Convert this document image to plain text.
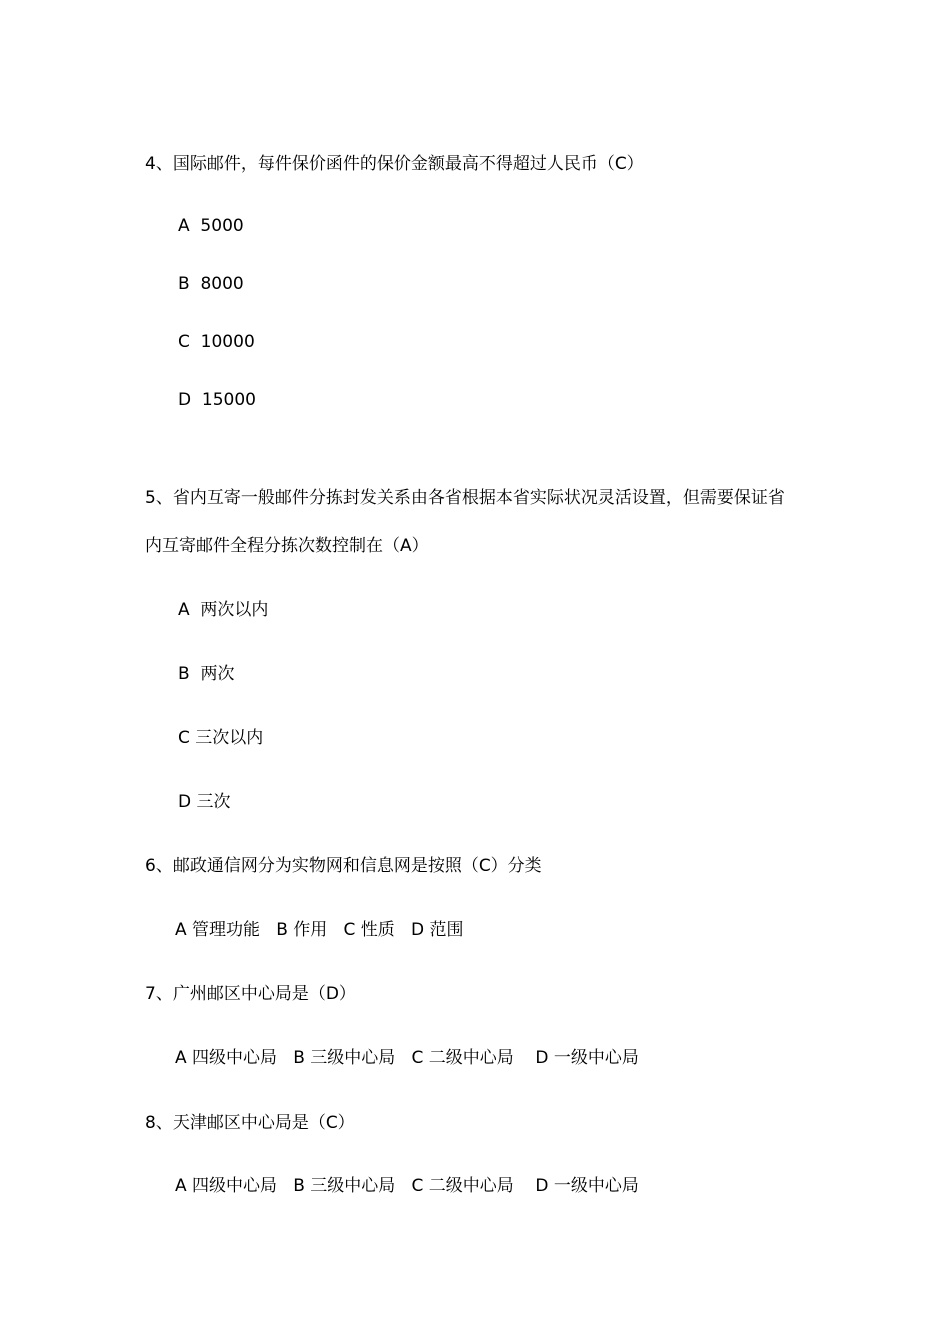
4、国际邮件，每件保价函件的保价金额最高不得超过人民币（C）
A  5000
B  8000
C  10000
D  15000
5、省内互寄一般邮件分拣封发关系由各省根据本省实际状况灵活设置，但需要保证省
内互寄邮件全程分拣次数控制在（A）
A  两次以内
B  两次
C 三次以内
D 三次
6、邮政通信网分为实物网和信息网是按照（C）分类
A 管理功能   B 作用   C 性质   D 范围
7、广州邮区中心局是（D）
A 四级中心局   B 三级中心局   C 二级中心局    D 一级中心局
8、天津邮区中心局是（C）
A 四级中心局   B 三级中心局   C 二级中心局    D 一级中心局
